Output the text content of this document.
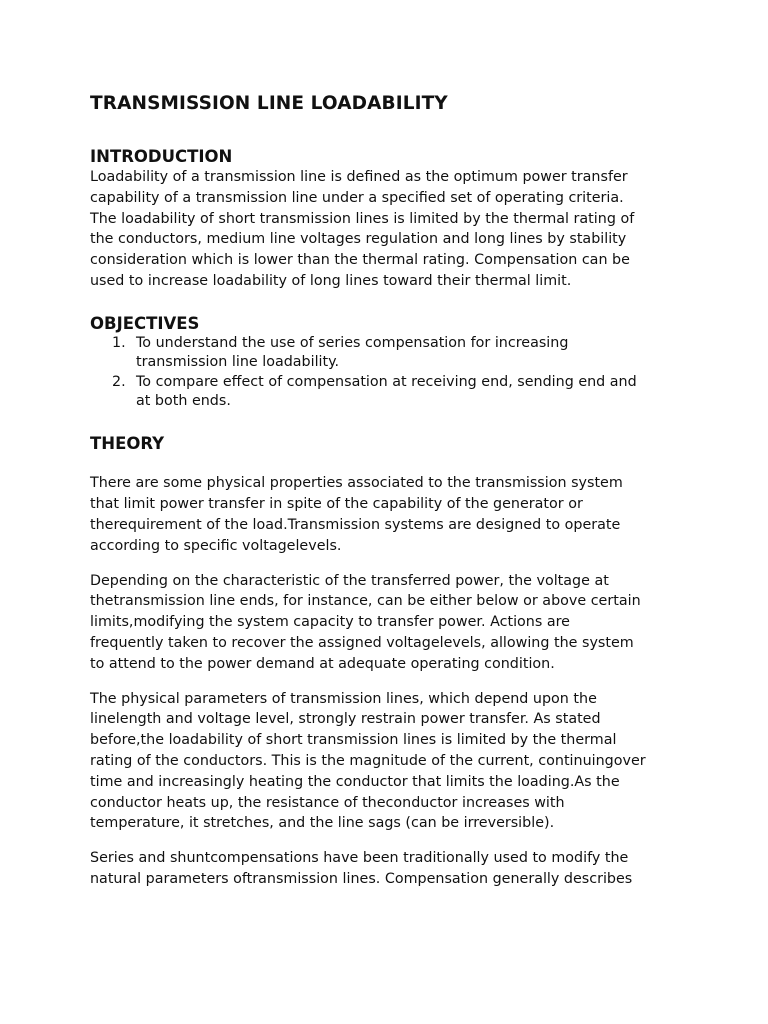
TRANSMISSION LINE LOADABILITY
INTRODUCTION
Loadability of a transmission line is defined as the optimum power transfer
capability of a transmission line under a specified set of operating criteria.
The loadability of short transmission lines is limited by the thermal rating of
the conductors, medium line voltages regulation and long lines by stability
consideration which is lower than the thermal rating. Compensation can be
used to increase loadability of long lines toward their thermal limit.
OBJECTIVES
1. To understand the use of series compensation for increasing
transmission line loadability.
2. To compare effect of compensation at receiving end, sending end and
at both ends.
THEORY
There are some physical properties associated to the transmission system
that limit power transfer in spite of the capability of the generator or
therequirement of the load.Transmission systems are designed to operate
according to specific voltagelevels.
Depending on the characteristic of the transferred power, the voltage at
thetransmission line ends, for instance, can be either below or above certain
limits,modifying the system capacity to transfer power. Actions are
frequently taken to recover the assigned voltagelevels, allowing the system
to attend to the power demand at adequate operating condition.
The physical parameters of transmission lines, which depend upon the
linelength and voltage level, strongly restrain power transfer. As stated
before,the loadability of short transmission lines is limited by the thermal
rating of the conductors. This is the magnitude of the current, continuingover
time and increasingly heating the conductor that limits the loading.As the
conductor heats up, the resistance of theconductor increases with
temperature, it stretches, and the line sags (can be irreversible).
Series and shuntcompensations have been traditionally used to modify the
natural parameters oftransmission lines. Compensation generally describes
